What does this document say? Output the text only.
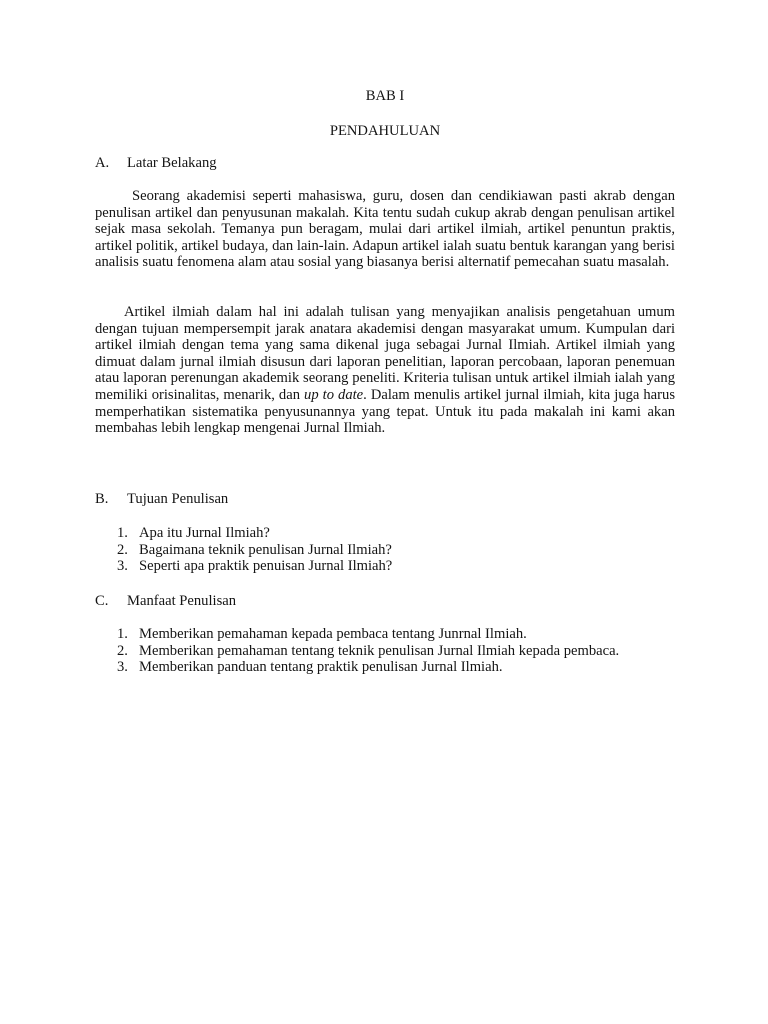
BAB I
PENDAHULUAN
A. Latar Belakang

Seorang akademisi seperti mahasiswa, guru, dosen dan cendikiawan pasti akrab dengan penulisan artikel dan penyusunan makalah. Kita tentu sudah cukup akrab dengan penulisan artikel sejak masa sekolah. Temanya pun beragam, mulai dari artikel ilmiah, artikel penuntun praktis, artikel politik, artikel budaya, dan lain-lain. Adapun artikel ialah suatu bentuk karangan yang berisi analisis suatu fenomena alam atau sosial yang biasanya berisi alternatif pemecahan suatu masalah.

Artikel ilmiah dalam hal ini adalah tulisan yang menyajikan analisis pengetahuan umum dengan tujuan mempersempit jarak anatara akademisi dengan masyarakat umum. Kumpulan dari artikel ilmiah dengan tema yang sama dikenal juga sebagai Jurnal Ilmiah. Artikel ilmiah yang dimuat dalam jurnal ilmiah disusun dari laporan penelitian, laporan percobaan, laporan penemuan atau laporan perenungan akademik seorang peneliti. Kriteria tulisan untuk artikel ilmiah ialah yang memiliki orisinalitas, menarik, dan up to date. Dalam menulis artikel jurnal ilmiah, kita juga harus memperhatikan sistematika penyusunannya yang tepat. Untuk itu pada makalah ini kami akan membahas lebih lengkap mengenai Jurnal Ilmiah.

B. Tujuan Penulisan
1. Apa itu Jurnal Ilmiah?
2. Bagaimana teknik penulisan Jurnal Ilmiah?
3. Seperti apa praktik penuisan Jurnal Ilmiah?
C. Manfaat Penulisan
1. Memberikan pemahaman kepada pembaca tentang Junrnal Ilmiah.
2. Memberikan pemahaman tentang teknik penulisan Jurnal Ilmiah kepada pembaca.
3. Memberikan panduan tentang praktik penulisan Jurnal Ilmiah.
